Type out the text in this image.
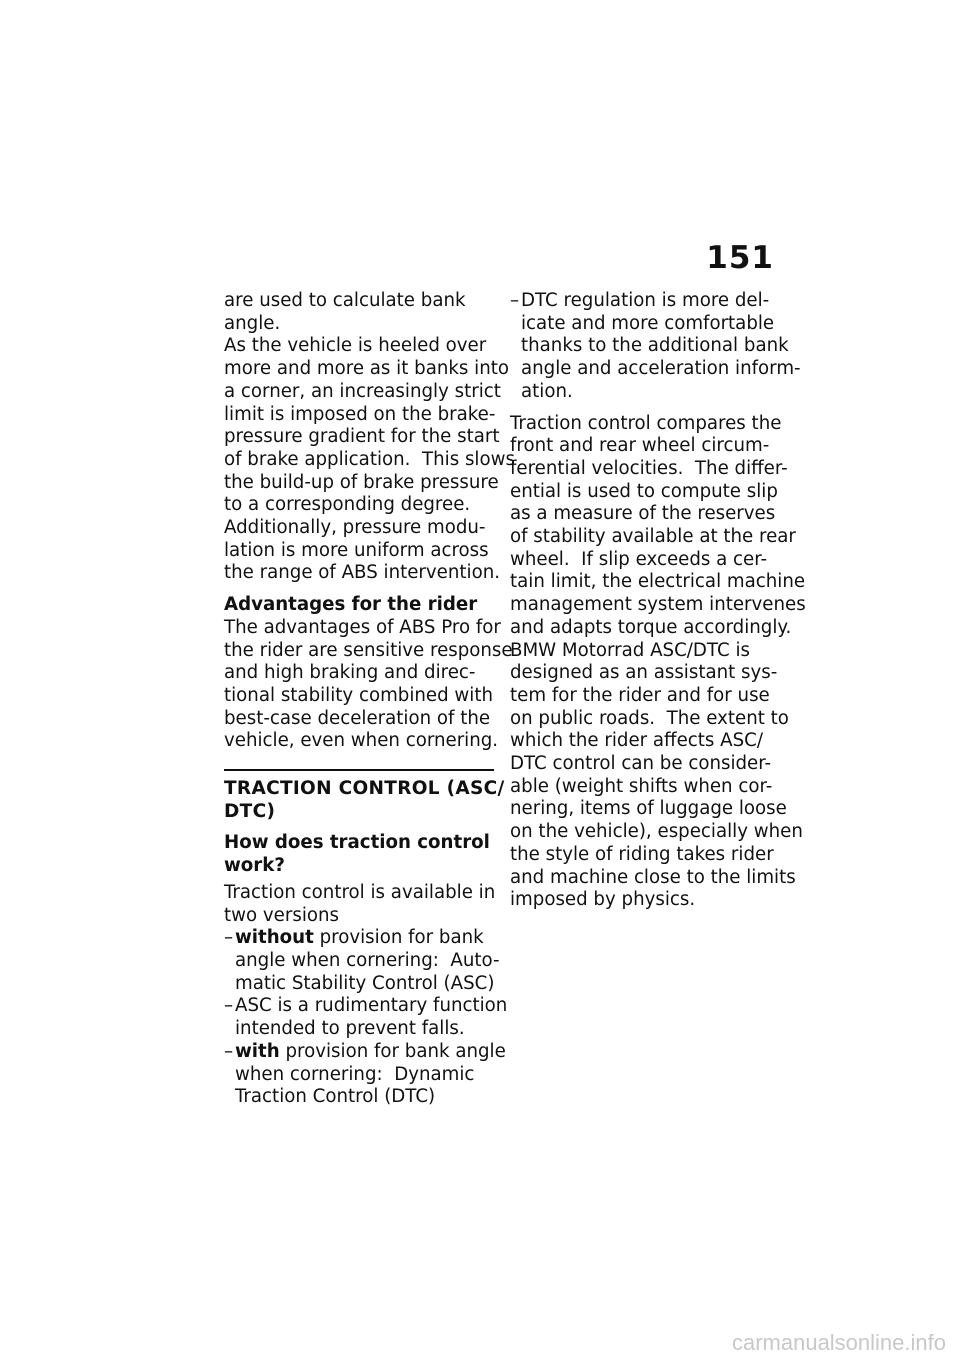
151
are used to calculate bank
angle.
As the vehicle is heeled over
more and more as it banks into
a corner, an increasingly strict
limit is imposed on the brake-
pressure gradient for the start
of brake application.  This slows
the build-up of brake pressure
to a corresponding degree.
Additionally, pressure modu-
lation is more uniform across
the range of ABS intervention.
Advantages for the rider
The advantages of ABS Pro for
the rider are sensitive response
and high braking and direc-
tional stability combined with
best-case deceleration of the
vehicle, even when cornering.
TRACTION CONTROL (ASC/
DTC)
How does traction control
work?
Traction control is available in
two versions
– without provision for bank
angle when cornering:  Auto-
matic Stability Control (ASC)
– ASC is a rudimentary function
intended to prevent falls.
– with provision for bank angle
when cornering:  Dynamic
Traction Control (DTC)
– DTC regulation is more del-
icate and more comfortable
thanks to the additional bank
angle and acceleration inform-
ation.
Traction control compares the
front and rear wheel circum-
ferential velocities.  The differ-
ential is used to compute slip
as a measure of the reserves
of stability available at the rear
wheel.  If slip exceeds a cer-
tain limit, the electrical machine
management system intervenes
and adapts torque accordingly.
BMW Motorrad ASC/DTC is
designed as an assistant sys-
tem for the rider and for use
on public roads.  The extent to
which the rider affects ASC/
DTC control can be consider-
able (weight shifts when cor-
nering, items of luggage loose
on the vehicle), especially when
the style of riding takes rider
and machine close to the limits
imposed by physics.
carmanualsonline.info
